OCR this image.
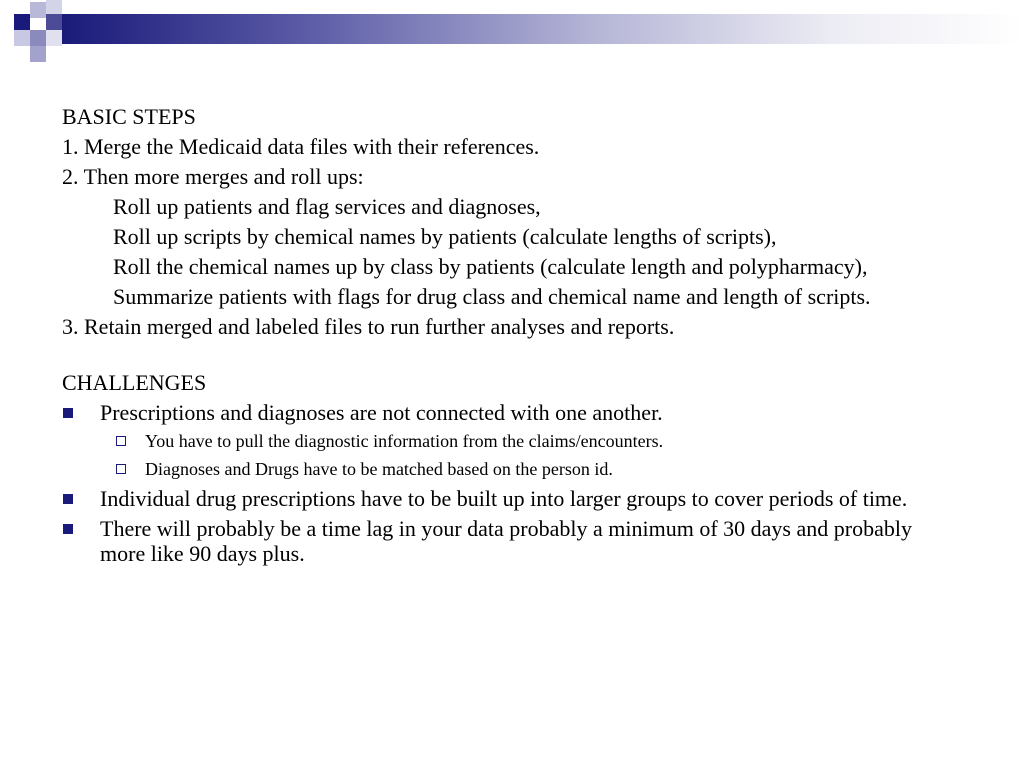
BASIC STEPS
1. Merge the Medicaid data files with their references.
2. Then more merges and roll ups:
Roll up patients and flag services and diagnoses,
Roll up scripts by chemical names by patients (calculate lengths of scripts),
Roll the chemical names up by class by patients (calculate length and polypharmacy),
Summarize patients with flags for drug class and chemical name and length of scripts.
3. Retain merged and labeled files to run further analyses and reports.
CHALLENGES
Prescriptions and diagnoses are not connected with one another.
You have to pull the diagnostic information from the claims/encounters.
Diagnoses and Drugs have to be matched based on the person id.
Individual drug prescriptions have to be built up into larger groups to cover periods of time.
There will probably be a time lag in your data probably a minimum of 30 days and probably more like 90 days plus.
